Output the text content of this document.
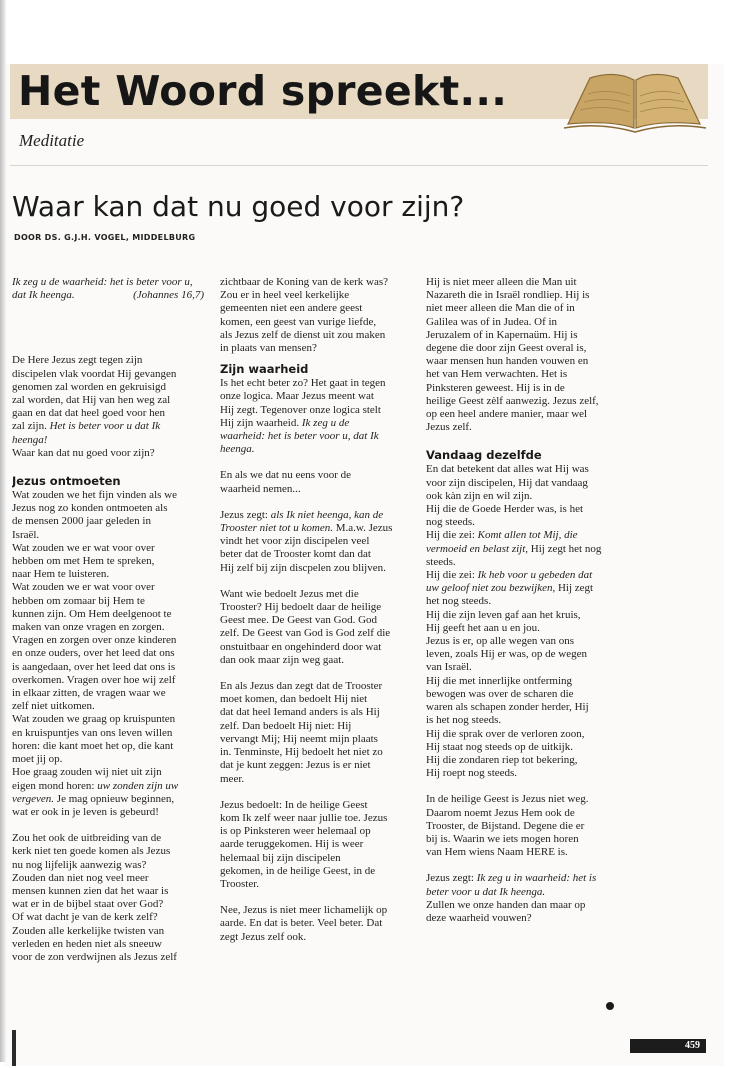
Het Woord spreekt...
Meditatie
Waar kan dat nu goed voor zijn?
DOOR DS. G.J.H. VOGEL, MIDDELBURG

Ik zeg u de waarheid: het is beter voor u,

dat Ik heenga.	(Johannes 16,7)

De Here Jezus zegt tegen zijn

discipelen vlak voordat Hij gevangen

genomen zal worden en gekruisigd

zal worden, dat Hij van hen weg zal

gaan en dat dat heel goed voor hen

zal zijn. Het is beter voor u dat Ik

heenga!

Waar kan dat nu goed voor zijn?

Jezus ontmoeten

Wat zouden we het fijn vinden als we

Jezus nog zo konden ontmoeten als

de mensen 2000 jaar geleden in

Israël.

Wat zouden we er wat voor over

hebben om met Hem te spreken,

naar Hem te luisteren.

Wat zouden we er wat voor over

hebben om zomaar bij Hem te

kunnen zijn. Om Hem deelgenoot te

maken van onze vragen en zorgen.

Vragen en zorgen over onze kinderen

en onze ouders, over het leed dat ons

is aangedaan, over het leed dat ons is

overkomen. Vragen over hoe wij zelf

in elkaar zitten, de vragen waar we

zelf niet uitkomen.

Wat zouden we graag op kruispunten

en kruispuntjes van ons leven willen

horen: die kant moet het op, die kant

moet jij op.

Hoe graag zouden wij niet uit zijn

eigen mond horen: uw zonden zijn uw

vergeven. Je mag opnieuw beginnen,

wat er ook in je leven is gebeurd!

Zou het ook de uitbreiding van de

kerk niet ten goede komen als Jezus

nu nog lijfelijk aanwezig was?

Zouden dan niet nog veel meer

mensen kunnen zien dat het waar is

wat er in de bijbel staat over God?

Of wat dacht je van de kerk zelf?

Zouden alle kerkelijke twisten van

verleden en heden niet als sneeuw

voor de zon verdwijnen als Jezus zelf

zichtbaar de Koning van de kerk was?

Zou er in heel veel kerkelijke

gemeenten niet een andere geest

komen, een geest van vurige liefde,

als Jezus zelf de dienst uit zou maken

in plaats van mensen?

Zijn waarheid

Is het echt beter zo? Het gaat in tegen

onze logica. Maar Jezus meent wat

Hij zegt. Tegenover onze logica stelt

Hij zijn waarheid. Ik zeg u de

waarheid: het is beter voor u, dat Ik

heenga.

En als we dat nu eens voor de

waarheid nemen...

Jezus zegt: als Ik niet heenga, kan de

Trooster niet tot u komen. M.a.w. Jezus

vindt het voor zijn discipelen veel

beter dat de Trooster komt dan dat

Hij zelf bij zijn discpelen zou blijven.

Want wie bedoelt Jezus met die

Trooster? Hij bedoelt daar de heilige

Geest mee. De Geest van God. God

zelf. De Geest van God is God zelf die

onstuitbaar en ongehinderd door wat

dan ook maar zijn weg gaat.

En als Jezus dan zegt dat de Trooster

moet komen, dan bedoelt Hij niet

dat dat heel Iemand anders is als Hij

zelf. Dan bedoelt Hij niet: Hij

vervangt Mij; Hij neemt mijn plaats

in. Tenminste, Hij bedoelt het niet zo

dat je kunt zeggen: Jezus is er niet

meer.

Jezus bedoelt: In de heilige Geest

kom Ik zelf weer naar jullie toe. Jezus

is op Pinksteren weer helemaal op

aarde teruggekomen. Hij is weer

helemaal bij zijn discipelen

gekomen, in de heilige Geest, in de

Trooster.

Nee, Jezus is niet meer lichamelijk op

aarde. En dat is beter. Veel beter. Dat

zegt Jezus zelf ook.

Hij is niet meer alleen die Man uit

Nazareth die in Israël rondliep. Hij is

niet meer alleen die Man die of in

Galilea was of in Judea. Of in

Jeruzalem of in Kapernaüm. Hij is

degene die door zijn Geest overal is,

waar mensen hun handen vouwen en

het van Hem verwachten. Het is

Pinksteren geweest. Hij is in de

heilige Geest zèlf aanwezig. Jezus zelf,

op een heel andere manier, maar wel

Jezus zelf.

Vandaag dezelfde

En dat betekent dat alles wat Hij was

voor zijn discipelen, Hij dat vandaag

ook kàn zijn en wil zijn.

Hij die de Goede Herder was, is het

nog steeds.

Hij die zei: Komt allen tot Mij, die

vermoeid en belast zijt, Hij zegt het nog

steeds.

Hij die zei: Ik heb voor u gebeden dat

uw geloof niet zou bezwijken, Hij zegt

het nog steeds.

Hij die zijn leven gaf aan het kruis,

Hij geeft het aan u en jou.

Jezus is er, op alle wegen van ons

leven, zoals Hij er was, op de wegen

van Israël.

Hij die met innerlijke ontferming

bewogen was over de scharen die

waren als schapen zonder herder, Hij

is het nog steeds.

Hij die sprak over de verloren zoon,

Hij staat nog steeds op de uitkijk.

Hij die zondaren riep tot bekering,

Hij roept nog steeds.

In de heilige Geest is Jezus niet weg.

Daarom noemt Jezus Hem ook de

Trooster, de Bijstand. Degene die er

bij is. Waarin we iets mogen horen

van Hem wiens Naam HERE is.

Jezus zegt: Ik zeg u in waarheid: het is

beter voor u dat Ik heenga.

Zullen we onze handen dan maar op

deze waarheid vouwen?

459
